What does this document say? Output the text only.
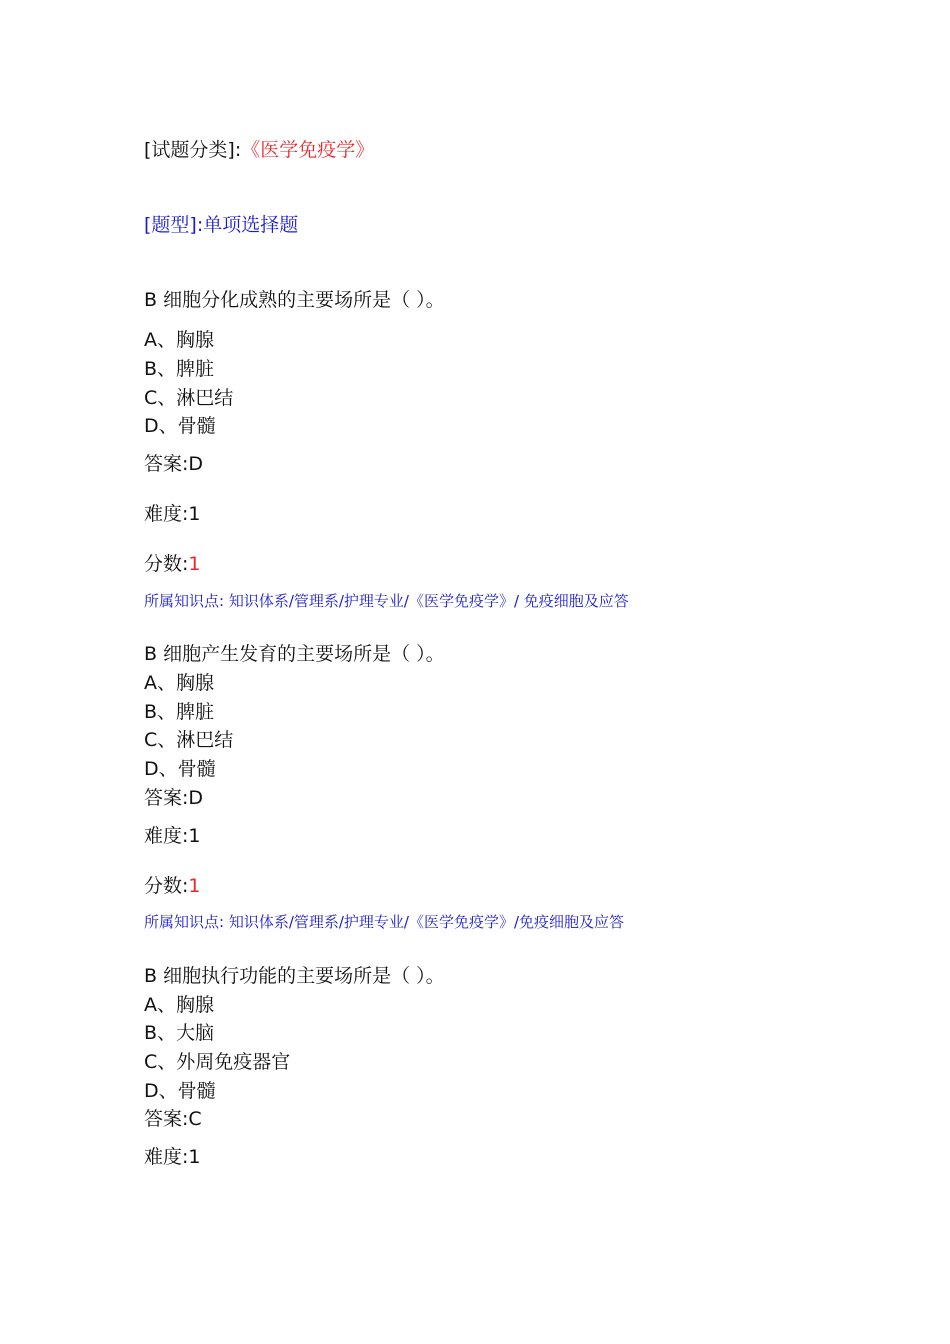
[试题分类]:《医学免疫学》
[题型]:单项选择题
B 细胞分化成熟的主要场所是（ ）。
A、胸腺
B、脾脏
C、淋巴结
D、骨髓
答案:D
难度:1
分数:1
所属知识点: 知识体系/管理系/护理专业/《医学免疫学》/ 免疫细胞及应答
B 细胞产生发育的主要场所是（ ）。
A、胸腺
B、脾脏
C、淋巴结
D、骨髓
答案:D
难度:1
分数:1
所属知识点: 知识体系/管理系/护理专业/《医学免疫学》/免疫细胞及应答
B 细胞执行功能的主要场所是（ ）。
A、胸腺
B、大脑
C、外周免疫器官
D、骨髓
答案:C
难度:1
